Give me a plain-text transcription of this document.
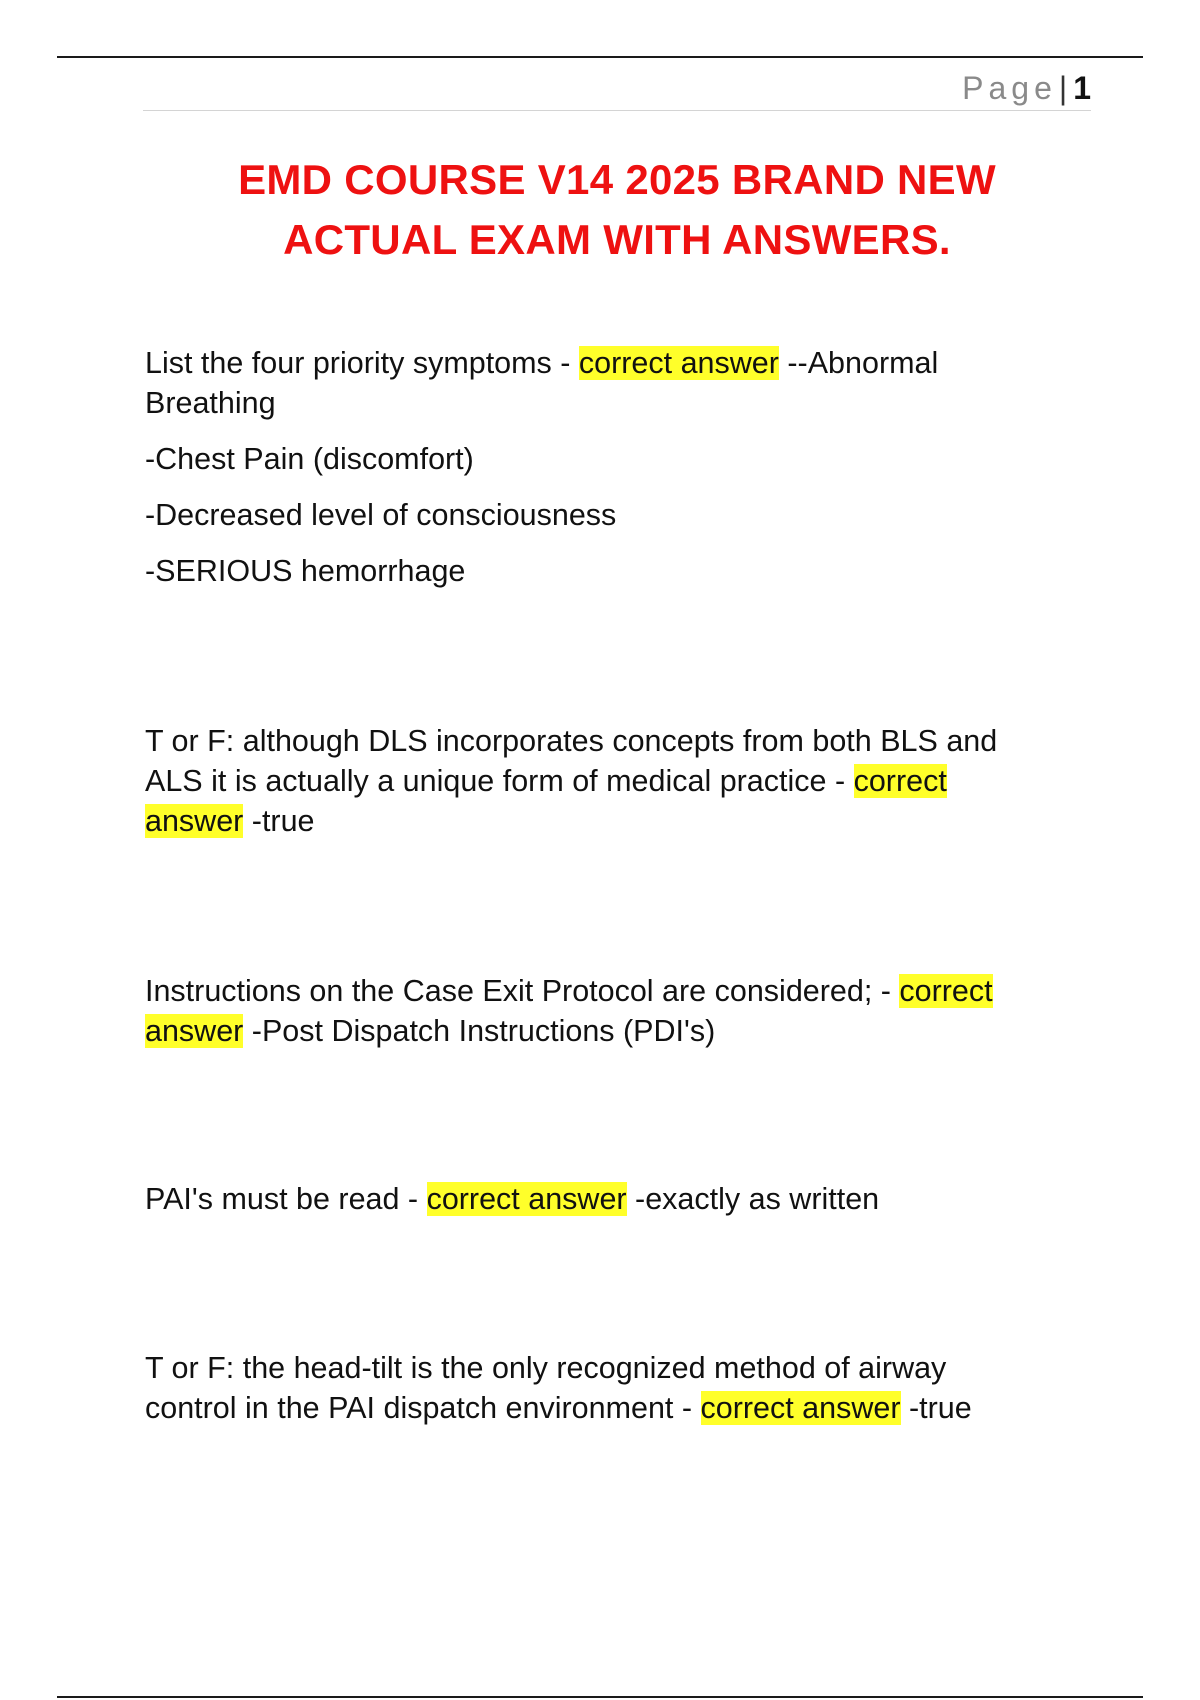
Page| 1
EMD COURSE V14 2025 BRAND NEW
ACTUAL EXAM WITH ANSWERS.

List the four priority symptoms - correct answer --Abnormal
Breathing

-Chest Pain (discomfort)

-Decreased level of consciousness

-SERIOUS hemorrhage

T or F: although DLS incorporates concepts from both BLS and
ALS it is actually a unique form of medical practice - correct
answer -true

Instructions on the Case Exit Protocol are considered; - correct
answer -Post Dispatch Instructions (PDI's)

PAI's must be read - correct answer -exactly as written

T or F: the head-tilt is the only recognized method of airway
control in the PAI dispatch environment - correct answer -true
